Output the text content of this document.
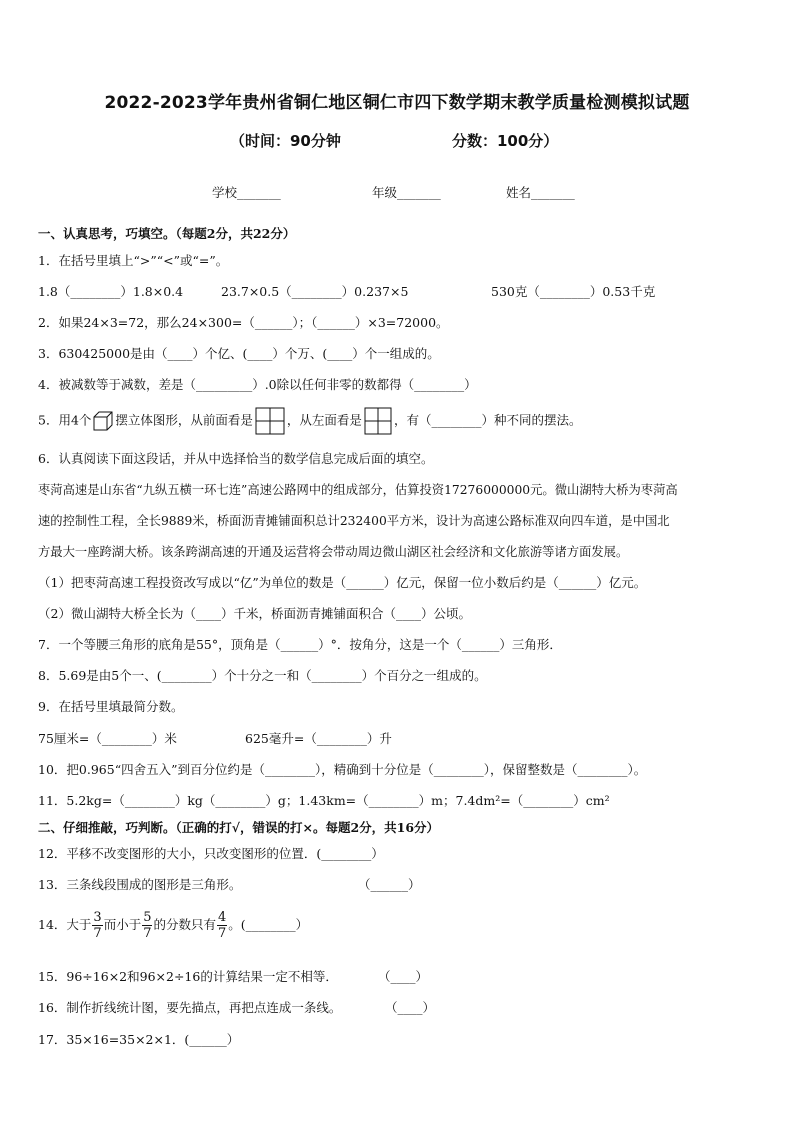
2022-2023学年贵州省铜仁地区铜仁市四下数学期末教学质量检测模拟试题
（时间：90分钟	分数：100分）
学校_______	年级_______	姓名_______
一、认真思考，巧填空。（每题2分，共22分）
1．在括号里填上“>”“<”或“=”。
1.8（________）1.8×0.4	23.7×0.5（________）0.237×5	530克（________）0.53千克
2．如果24×3=72，那么24×300=（______）；（______）×3=72000。
3．630425000是由（____）个亿、(____）个万、(____）个一组成的。
4．被减数等于减数，差是（_________）.0除以任何非零的数都得（________）
5．用4个 摆立体图形，从前面看是	，从左面看是	，有（________）种不同的摆法。
6．认真阅读下面这段话，并从中选择恰当的数学信息完成后面的填空。
枣菏高速是山东省“九纵五横一环七连”高速公路网中的组成部分，估算投资17276000000元。微山湖特大桥为枣菏高
速的控制性工程，全长9889米，桥面沥青摊铺面积总计232400平方米，设计为高速公路标准双向四车道，是中国北
方最大一座跨湖大桥。该条跨湖高速的开通及运营将会带动周边微山湖区社会经济和文化旅游等诸方面发展。
（1）把枣菏高速工程投资改写成以“亿”为单位的数是（______）亿元，保留一位小数后约是（______）亿元。
（2）微山湖特大桥全长为（____）千米，桥面沥青摊铺面积合（____）公顷。
7．一个等腰三角形的底角是55°，顶角是（______）°．按角分，这是一个（______）三角形．
8．5.69是由5个一、(________）个十分之一和（________）个百分之一组成的。
9．在括号里填最简分数。
75厘米=（________）米	625毫升=（________）升
10．把0.965“四舍五入”到百分位约是（________），精确到十分位是（________），保留整数是（________）。
11．5.2kg=（________）kg（________）g；1.43km=（________）m；7.4dm²=（________）cm²
二、仔细推敲，巧判断。（正确的打√，错误的打×。每题2分，共16分）
12．平移不改变图形的大小，只改变图形的位置．(________）
13．三条线段围成的图形是三角形。	（______）
14．大于 $\frac{3}{7}$ 而小于 $\frac{5}{7}$ 的分数只有 $\frac{4}{7}$ 。(________）
15．96÷16×2和96×2÷16的计算结果一定不相等．	（____）
16．制作折线统计图，要先描点，再把点连成一条线。	（____）
17．35×16=35×2×1．(______）
